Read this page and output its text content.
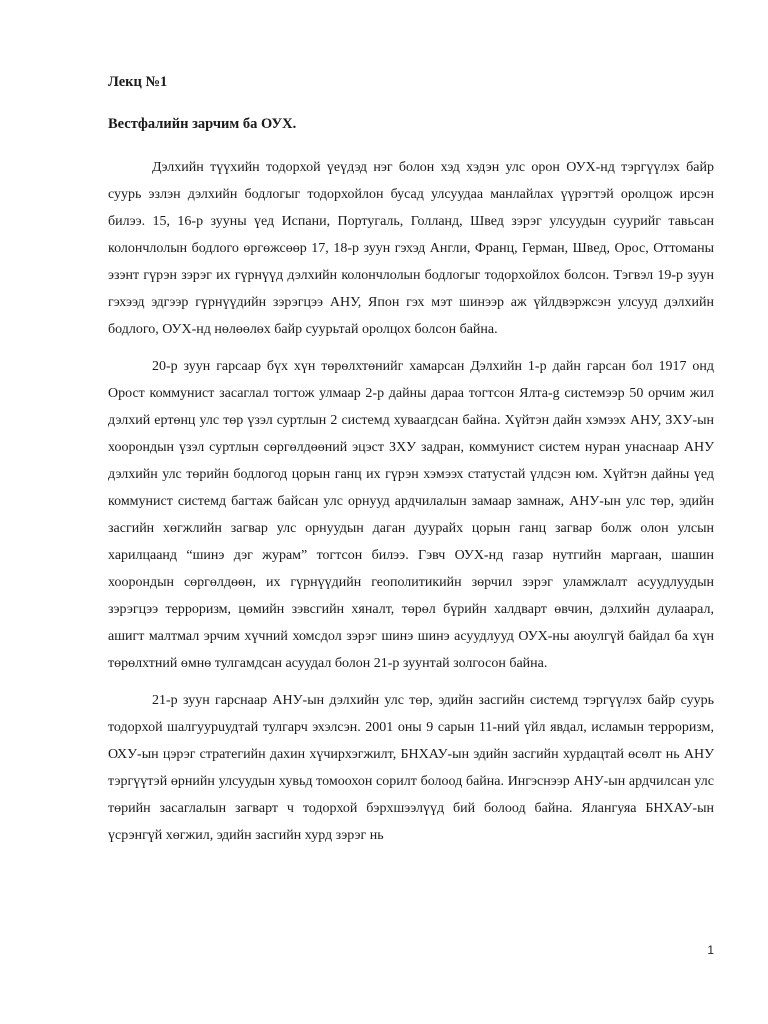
Лекц №1

Вестфалийн зарчим ба ОУХ.

Дэлхийн түүхийн тодорхой үеүдэд нэг болон хэд хэдэн улс орон ОУХ-нд тэргүүлэх байр суурь эзлэн дэлхийн бодлогыг тодорхойлон бусад улсуудаа манлайлах үүрэгтэй оролцож ирсэн билээ. 15, 16-р зууны үед Испани, Португаль, Голланд, Швед зэрэг улсуудын суурийг тавьсан колончлолын бодлого өргөжсөөр 17, 18-р зуун гэхэд Англи, Франц, Герман, Швед, Орос, Оттоманы эзэнт гүрэн зэрэг их гүрнүүд дэлхийн колончлолын бодлогыг тодорхойлох болсон. Тэгвэл 19-р зуун гэхээд эдгээр гүрнүүдийн зэрэгцээ АНУ, Япон гэх мэт шинээр аж үйлдвэржсэн улсууд дэлхийн бодлого, ОУХ-нд нөлөөлөх байр суурьтай оролцох болсон байна.

20-р зуун гарсаар бүх хүн төрөлхтөнийг хамарсан Дэлхийн 1-р дайн гарсан бол 1917 онд Орост коммунист засаглал тогтож улмаар 2-р дайны дараа тогтсон Ялта-g системээр 50 орчим жил дэлхий ертөнц улс төр үзэл суртлын 2 системд хуваагдсан байна. Хүйтэн дайн хэмээх АНУ, ЗХУ-ын хоорондын үзэл суртлын сөргөлдөөний эцэст ЗХУ задран, коммунист систем нуран унаснаар АНУ дэлхийн улс төрийн бодлогод цорын ганц их гүрэн хэмээх статустай үлдсэн юм. Хүйтэн дайны үед коммунист системд багтаж байсан улс орнууд ардчилалын замаар замнаж, АНУ-ын улс төр, эдийн засгийн хөгжлийн загвар улс орнуудын даган дуурайх цорын ганц загвар болж олон улсын харилцаанд “шинэ дэг журам” тогтсон билээ. Гэвч ОУХ-нд газар нутгийн маргаан, шашин хоорондын сөргөлдөөн, их гүрнүүдийн геополитикийн зөрчил зэрэг уламжлалт асуудлуудын зэрэгцээ терроризм, цөмийн зэвсгийн хяналт, төрөл бүрийн халдварт өвчин, дэлхийн дулаарал, ашигт малтмал эрчим хүчний хомсдол зэрэг шинэ шинэ асуудлууд ОУХ-ны аюулгүй байдал ба хүн төрөлхтний өмнө тулгамдсан асуудал болон 21-р зуунтай золгосон байна.

21-р зуун гарснаар АНУ-ын дэлхийн улс төр, эдийн засгийн системд тэргүүлэх байр суурь тодорхой шалгуурuудтай тулгарч эхэлсэн. 2001 оны 9 сарын 11-ний үйл явдал, исламын терроризм, ОХУ-ын цэрэг стратегийн дахин хүчирхэгжилт, БНХАУ-ын эдийн засгийн хурдацтай өсөлт нь АНУ тэргүүтэй өрнийн улсуудын хувьд томоохон сорилт болоод байна. Ингэснээр АНУ-ын ардчилсан улс төрийн засаглалын загварт ч тодорхой бэрхшээлүүд бий болоод байна. Ялангуяа БНХАУ-ын үсрэнгүй хөгжил, эдийн засгийн хурд зэрэг нь

1
